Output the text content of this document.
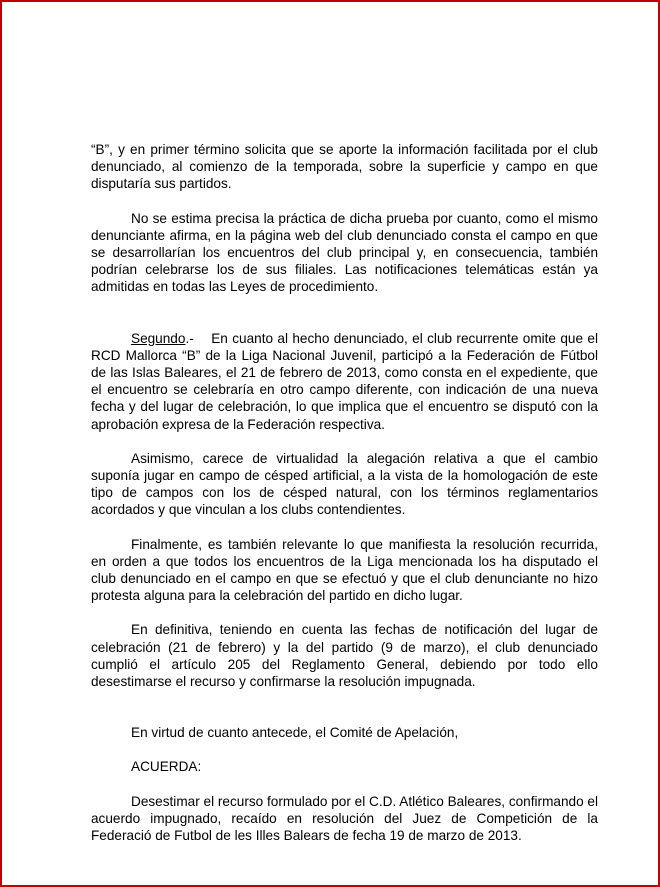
“B”, y en primer término solicita que se aporte la información facilitada por el club denunciado, al comienzo de la temporada, sobre la superficie y campo en que disputaría sus partidos.

No se estima precisa la práctica de dicha prueba por cuanto, como el mismo denunciante afirma, en la página web del club denunciado consta el campo en que se desarrollarían los encuentros del club principal y, en consecuencia, también podrían celebrarse los de sus filiales. Las notificaciones telemáticas están ya admitidas en todas las Leyes de procedimiento.

Segundo.- En cuanto al hecho denunciado, el club recurrente omite que el RCD Mallorca “B” de la Liga Nacional Juvenil, participó a la Federación de Fútbol de las Islas Baleares, el 21 de febrero de 2013, como consta en el expediente, que el encuentro se celebraría en otro campo diferente, con indicación de una nueva fecha y del lugar de celebración, lo que implica que el encuentro se disputó con la aprobación expresa de la Federación respectiva.

Asimismo, carece de virtualidad la alegación relativa a que el cambio suponía jugar en campo de césped artificial, a la vista de la homologación de este tipo de campos con los de césped natural, con los términos reglamentarios acordados y que vinculan a los clubs contendientes.

Finalmente, es también relevante lo que manifiesta la resolución recurrida, en orden a que todos los encuentros de la Liga mencionada los ha disputado el club denunciado en el campo en que se efectuó y que el club denunciante no hizo protesta alguna para la celebración del partido en dicho lugar.

En definitiva, teniendo en cuenta las fechas de notificación del lugar de celebración (21 de febrero) y la del partido (9 de marzo), el club denunciado cumplió el artículo 205 del Reglamento General, debiendo por todo ello desestimarse el recurso y confirmarse la resolución impugnada.

En virtud de cuanto antecede, el Comité de Apelación,

ACUERDA:

Desestimar el recurso formulado por el C.D. Atlético Baleares, confirmando el acuerdo impugnado, recaído en resolución del Juez de Competición de la Federació de Futbol de les Illes Balears de fecha 19 de marzo de 2013.
